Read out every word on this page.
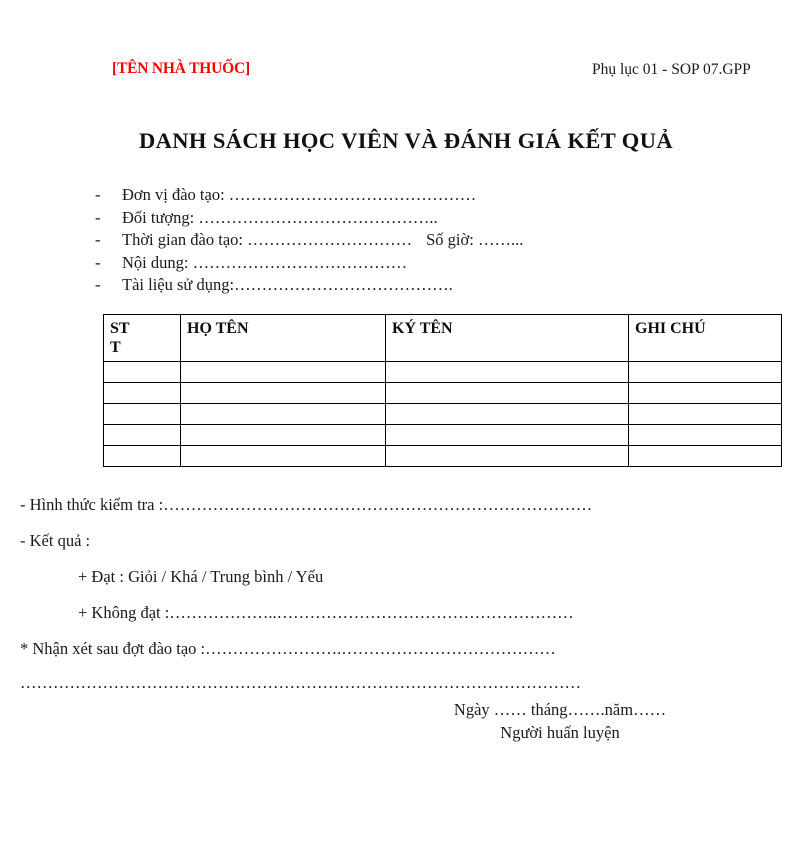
[TÊN NHÀ THUỐC]	Phụ lục 01 - SOP 07.GPP
DANH SÁCH HỌC VIÊN VÀ ĐÁNH GIÁ KẾT QUẢ
- Đơn vị đào tạo: ………………………………………
- Đối tượng: ……………………………………..
- Thời gian đào tạo: ………………………… Số giờ: ……...
- Nội dung: …………………………………
- Tài liệu sử dụng:………………………………….
STT	HỌ TÊN	KÝ TÊN	GHI CHÚ

- Hình thức kiểm tra :……………………………………………………………………
- Kết quả :
+ Đạt : Giỏi / Khá / Trung bình / Yếu
+ Không đạt :………………..………………………………………………
* Nhận xét sau đợt đào tạo :…………………….…………………………………
…………………………………………………………………………………………
Ngày …… tháng…….năm……
Người huấn luyện
